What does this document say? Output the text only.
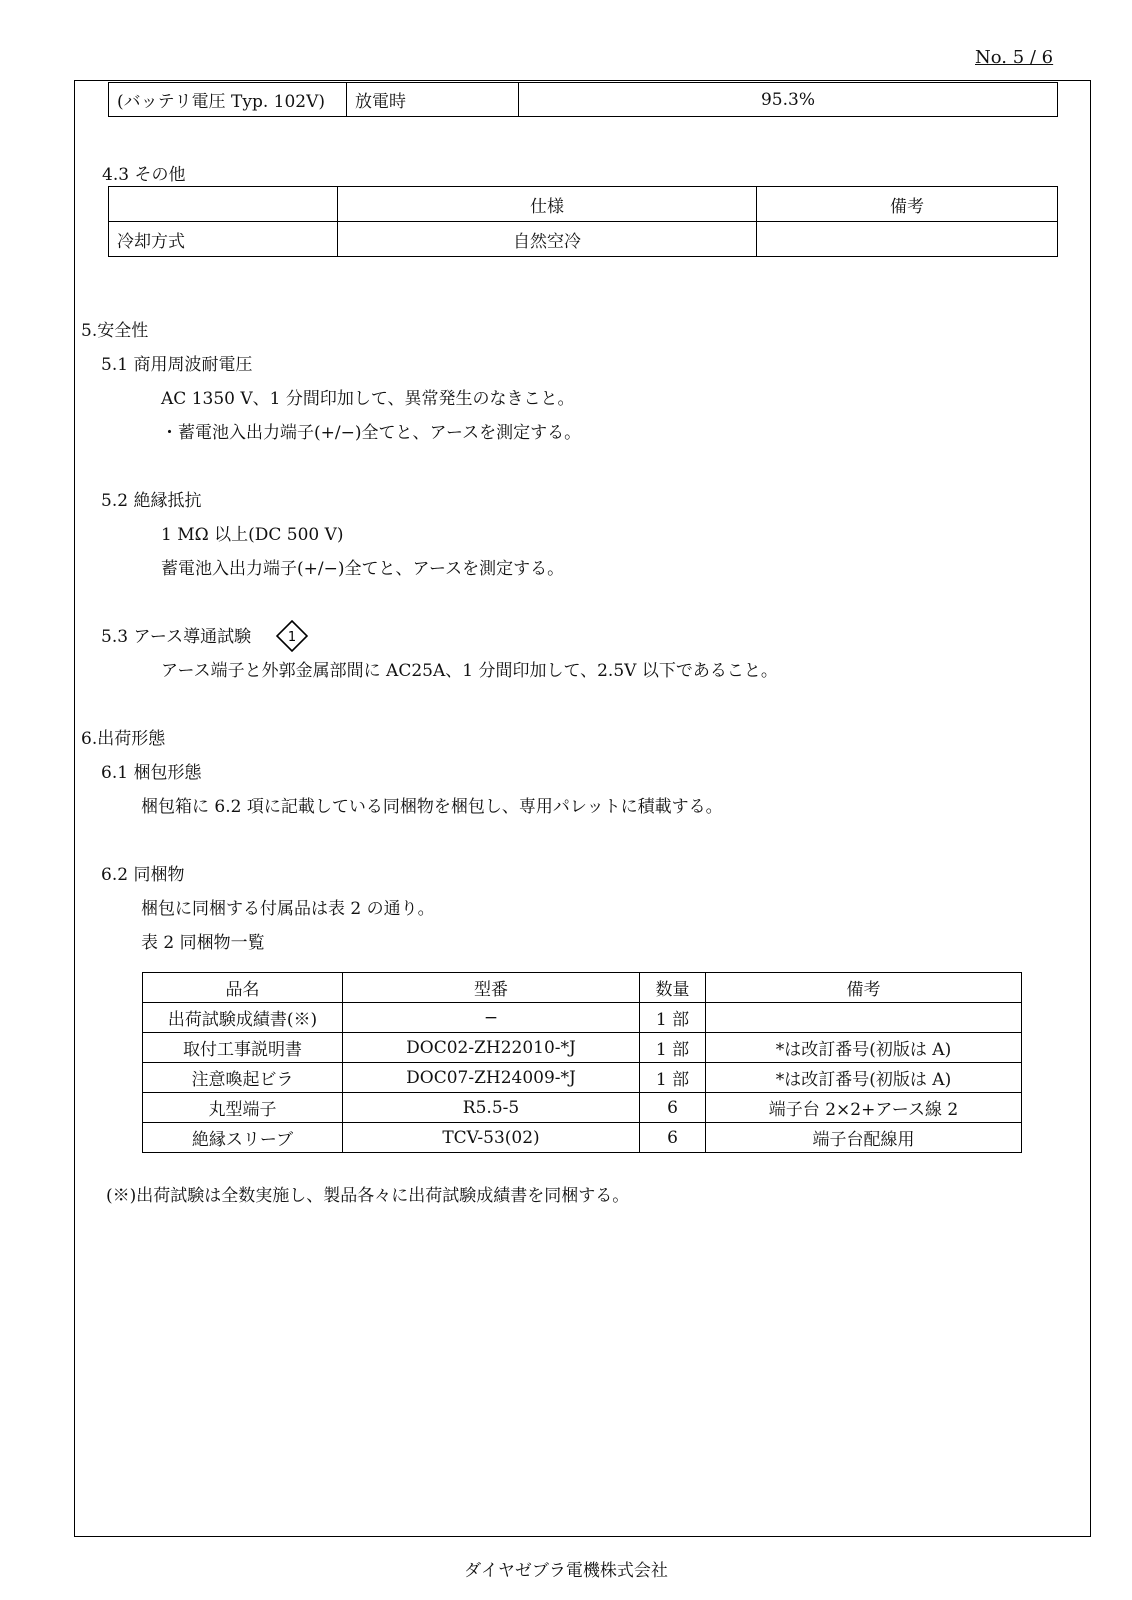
No. 5 / 6
(バッテリ電圧 Typ. 102V)	放電時	95.3%
4.3 その他
	仕様	備考
冷却方式	自然空冷	
5.安全性
5.1 商用周波耐電圧
AC 1350 V、1 分間印加して、異常発生のなきこと。
・蓄電池入出力端子(+/−)全てと、アースを測定する。
5.2 絶縁抵抗
1 MΩ 以上(DC 500 V)
蓄電池入出力端子(+/−)全てと、アースを測定する。
5.3 アース導通試験	1
アース端子と外郭金属部間に AC25A、1 分間印加して、2.5V 以下であること。
6.出荷形態
6.1 梱包形態
梱包箱に 6.2 項に記載している同梱物を梱包し、専用パレットに積載する。
6.2 同梱物
梱包に同梱する付属品は表 2 の通り。
表 2 同梱物一覧
品名	型番	数量	備考
出荷試験成績書(※)	−	1 部	
取付工事説明書	DOC02-ZH22010-*J	1 部	*は改訂番号(初版は A)
注意喚起ビラ	DOC07-ZH24009-*J	1 部	*は改訂番号(初版は A)
丸型端子	R5.5-5	6	端子台 2×2+アース線 2
絶縁スリーブ	TCV-53(02)	6	端子台配線用
(※)出荷試験は全数実施し、製品各々に出荷試験成績書を同梱する。
ダイヤゼブラ電機株式会社
